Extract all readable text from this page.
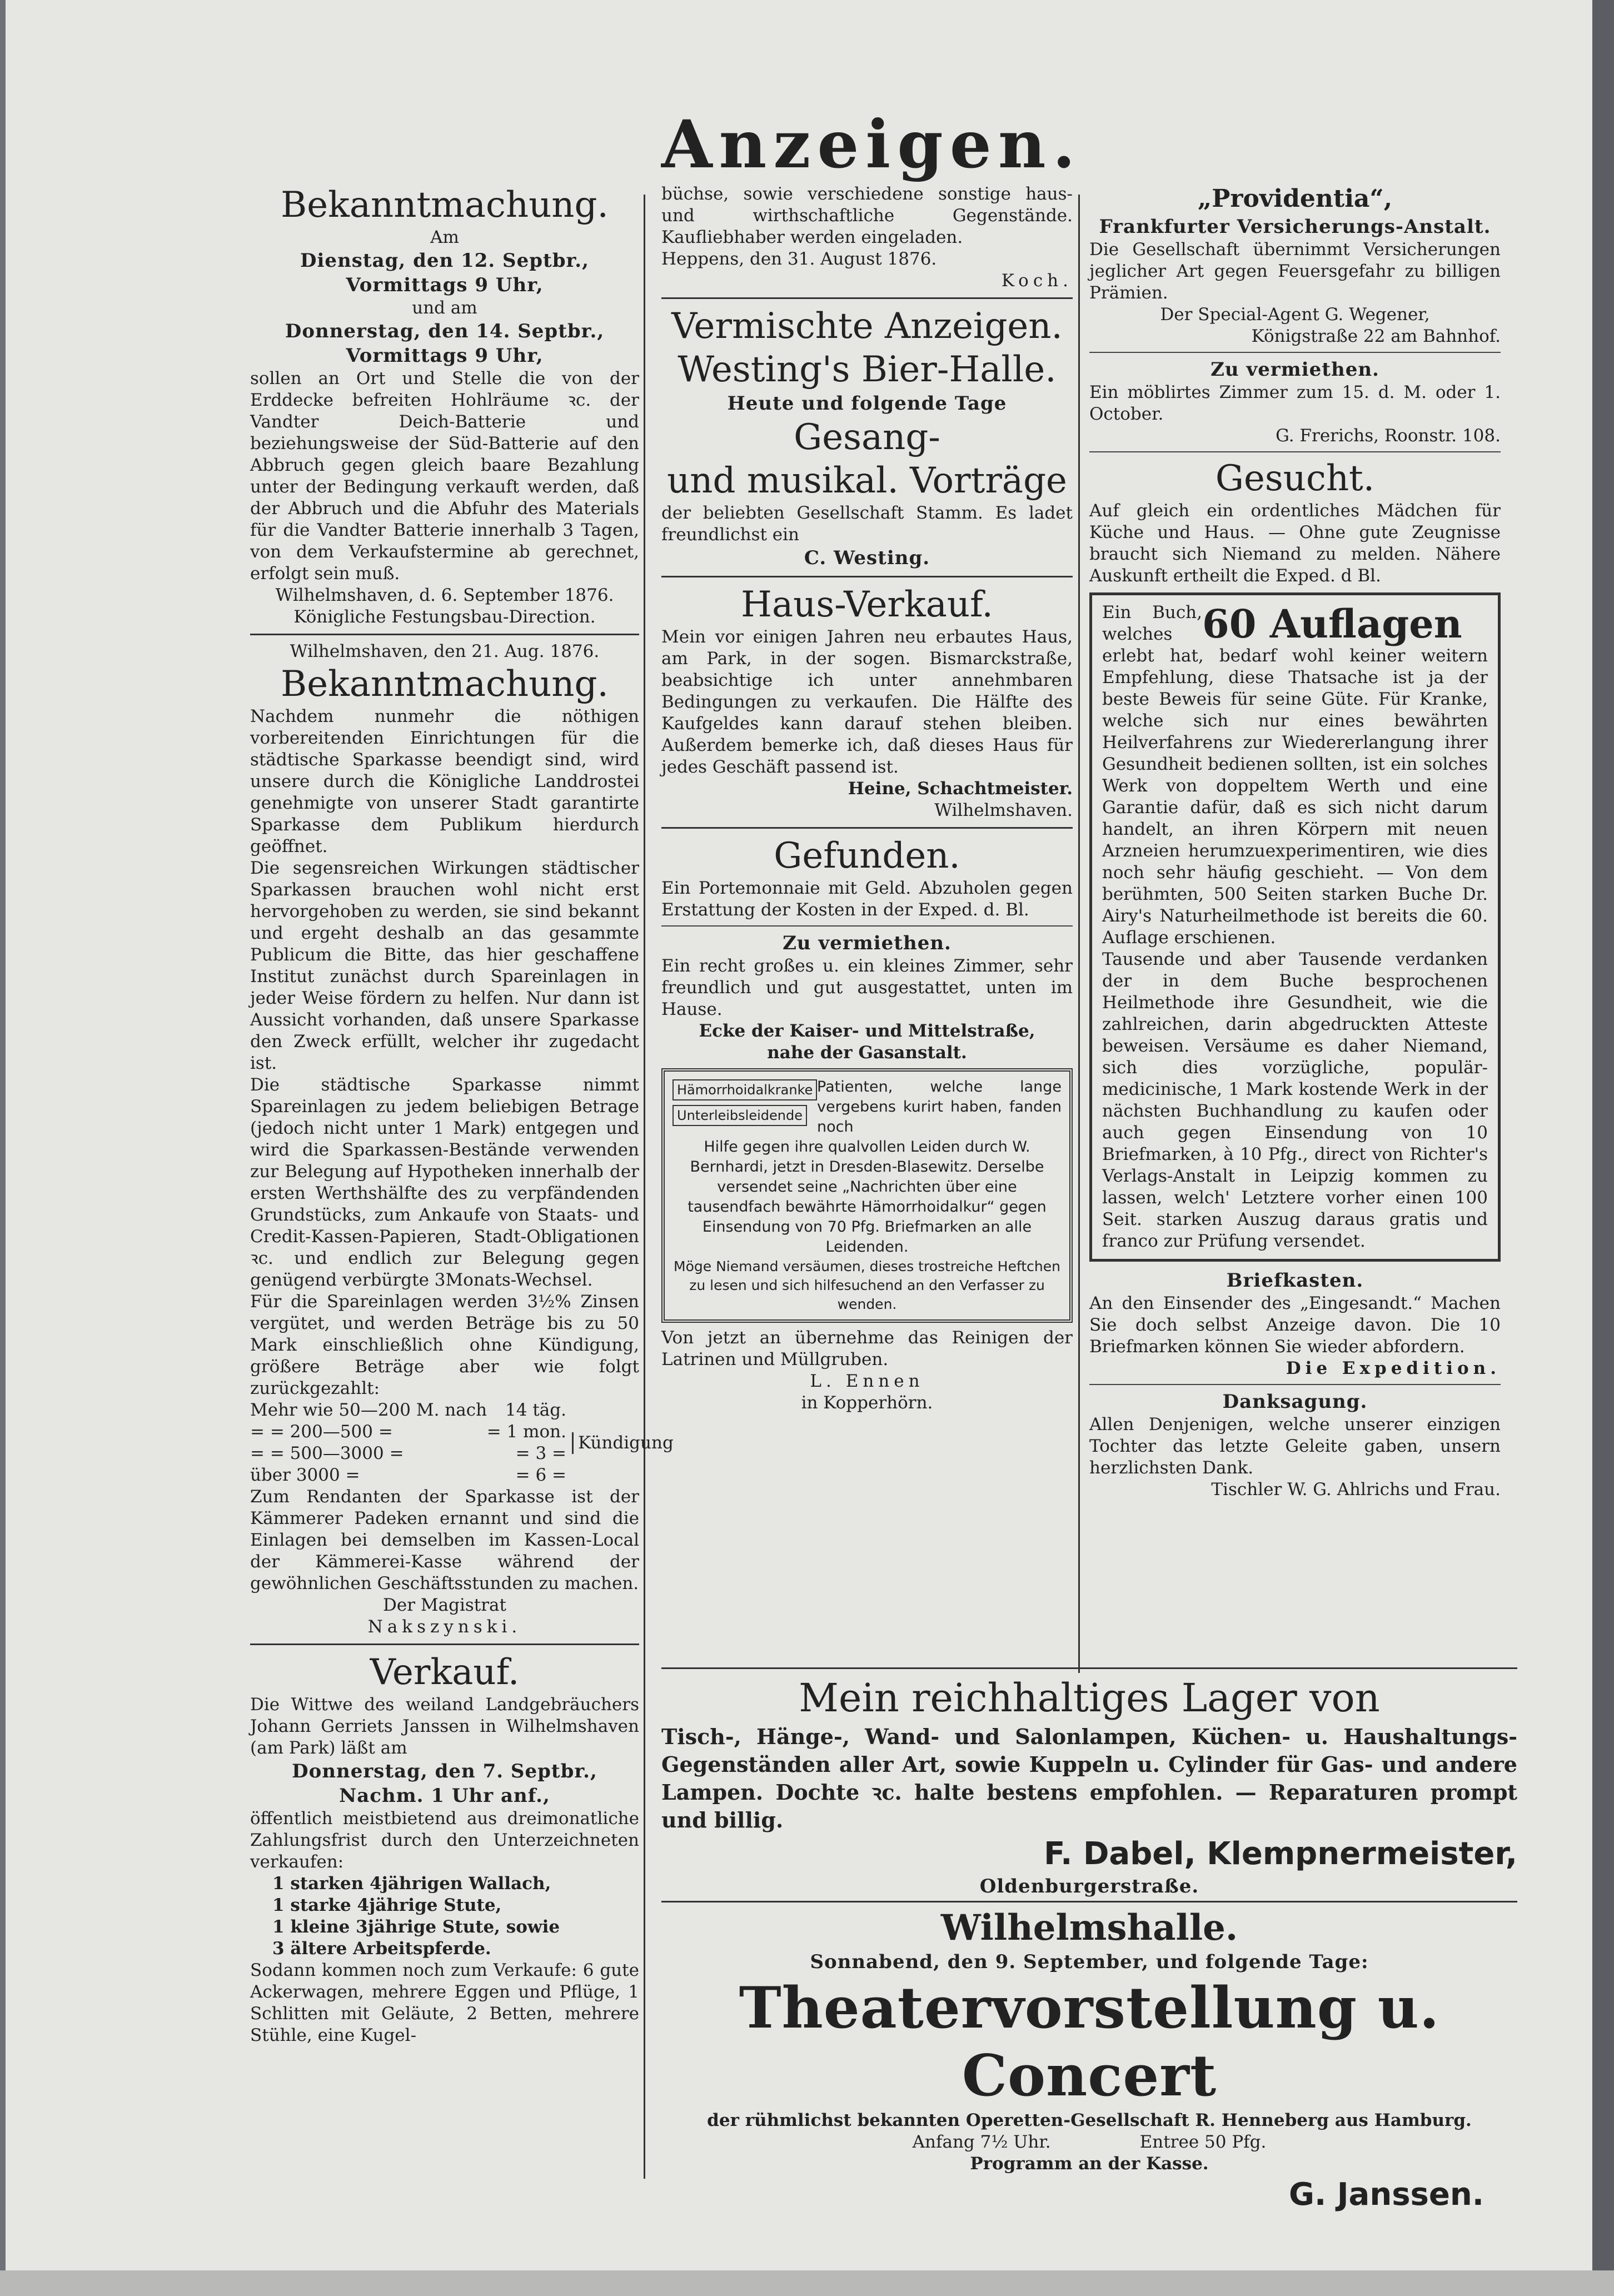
Anzeigen.
Bekanntmachung.

Am

Dienstag, den 12. Septbr.,

Vormittags 9 Uhr,

und am

Donnerstag, den 14. Septbr.,

Vormittags 9 Uhr,

sollen an Ort und Stelle die von der Erddecke befreiten Hohlräume ꝛc. der Vandter Deich-Batterie und beziehungsweise der Süd-Batterie auf den Abbruch gegen gleich baare Bezahlung unter der Bedingung verkauft werden, daß der Abbruch und die Abfuhr des Materials für die Vandter Batterie innerhalb 3 Tagen, von dem Verkaufstermine ab gerechnet, erfolgt sein muß.

Wilhelmshaven, d. 6. September 1876.

Königliche Festungsbau-Direction.

Wilhelmshaven, den 21. Aug. 1876.

Bekanntmachung.

Nachdem nunmehr die nöthigen vorbereitenden Einrichtungen für die städtische Sparkasse beendigt sind, wird unsere durch die Königliche Landdrostei genehmigte von unserer Stadt garantirte Sparkasse dem Publikum hierdurch geöffnet.

Die segensreichen Wirkungen städtischer Sparkassen brauchen wohl nicht erst hervorgehoben zu werden, sie sind bekannt und ergeht deshalb an das gesammte Publicum die Bitte, das hier geschaffene Institut zunächst durch Spareinlagen in jeder Weise fördern zu helfen. Nur dann ist Aussicht vorhanden, daß unsere Sparkasse den Zweck erfüllt, welcher ihr zugedacht ist.

Die städtische Sparkasse nimmt Spareinlagen zu jedem beliebigen Betrage (jedoch nicht unter 1 Mark) entgegen und wird die Sparkassen-Bestände verwenden zur Belegung auf Hypotheken innerhalb der ersten Werthshälfte des zu verpfändenden Grundstücks, zum Ankaufe von Staats- und Credit-Kassen-Papieren, Stadt-Obligationen ꝛc. und endlich zur Belegung gegen genügend verbürgte 3Monats-Wechsel.

Für die Spareinlagen werden 3½% Zinsen vergütet, und werden Beträge bis zu 50 Mark einschließlich ohne Kündigung, größere Beträge aber wie folgt zurückgezahlt:

Mehr wie 50—200 M. nach 14 täg.
= = 200—500 =	= 1 mon.
= = 500—3000 =	= 3 =
über 3000 =	= 6 =
Kündigung

Zum Rendanten der Sparkasse ist der Kämmerer Padeken ernannt und sind die Einlagen bei demselben im Kassen-Local der Kämmerei-Kasse während der gewöhnlichen Geschäftsstunden zu machen.

Der Magistrat

Nakszynski.

Verkauf.

Die Wittwe des weiland Landgebräuchers Johann Gerriets Janssen in Wilhelmshaven (am Park) läßt am

Donnerstag, den 7. Septbr.,

Nachm. 1 Uhr anf.,

öffentlich meistbietend aus dreimonatliche Zahlungsfrist durch den Unterzeichneten verkaufen:

1 starken 4jährigen Wallach,

1 starke 4jährige Stute,

1 kleine 3jährige Stute, sowie

3 ältere Arbeitspferde.

Sodann kommen noch zum Verkaufe: 6 gute Ackerwagen, mehrere Eggen und Pflüge, 1 Schlitten mit Geläute, 2 Betten, mehrere Stühle, eine Kugel-

büchse, sowie verschiedene sonstige haus- und wirthschaftliche Gegenstände. Kaufliebhaber werden eingeladen.

Heppens, den 31. August 1876.

Koch.

Vermischte Anzeigen.
Westing's Bier-Halle.

Heute und folgende Tage

Gesang-
und musikal. Vorträge

der beliebten Gesellschaft Stamm. Es ladet freundlichst ein

C. Westing.

Haus-Verkauf.

Mein vor einigen Jahren neu erbautes Haus, am Park, in der sogen. Bismarckstraße, beabsichtige ich unter annehmbaren Bedingungen zu verkaufen. Die Hälfte des Kaufgeldes kann darauf stehen bleiben. Außerdem bemerke ich, daß dieses Haus für jedes Geschäft passend ist.

Heine, Schachtmeister.

Wilhelmshaven.

Gefunden.

Ein Portemonnaie mit Geld. Abzuholen gegen Erstattung der Kosten in der Exped. d. Bl.

Zu vermiethen.

Ein recht großes u. ein kleines Zimmer, sehr freundlich und gut ausgestattet, unten im Hause.

Ecke der Kaiser- und Mittelstraße,

nahe der Gasanstalt.

Hämorrhoidalkranke
Unterleibsleidende

Patienten, welche lange vergebens kurirt haben, fanden noch

Hilfe gegen ihre qualvollen Leiden durch W. Bernhardi, jetzt in Dresden-Blasewitz. Derselbe versendet seine „Nachrichten über eine tausendfach bewährte Hämorrhoidalkur“ gegen Einsendung von 70 Pfg. Briefmarken an alle Leidenden.

Möge Niemand versäumen, dieses trostreiche Heftchen zu lesen und sich hilfesuchend an den Verfasser zu wenden.

Von jetzt an übernehme das Reinigen der Latrinen und Müllgruben.

L. Ennen

in Kopperhörn.

„Providentia“,

Frankfurter Versicherungs-Anstalt.

Die Gesellschaft übernimmt Versicherungen jeglicher Art gegen Feuersgefahr zu billigen Prämien.

Der Special-Agent G. Wegener,

Königstraße 22 am Bahnhof.

Zu vermiethen.

Ein möblirtes Zimmer zum 15. d. M. oder 1. October.

G. Frerichs, Roonstr. 108.

Gesucht.

Auf gleich ein ordentliches Mädchen für Küche und Haus. — Ohne gute Zeugnisse braucht sich Niemand zu melden. Nähere Auskunft ertheilt die Exped. d Bl.

Ein Buch, welches 60 Auflagen

erlebt hat, bedarf wohl keiner weitern Empfehlung, diese Thatsache ist ja der beste Beweis für seine Güte. Für Kranke, welche sich nur eines bewährten Heilverfahrens zur Wiedererlangung ihrer Gesundheit bedienen sollten, ist ein solches Werk von doppeltem Werth und eine Garantie dafür, daß es sich nicht darum handelt, an ihren Körpern mit neuen Arzneien herumzuexperimentiren, wie dies noch sehr häufig geschieht. — Von dem berühmten, 500 Seiten starken Buche Dr. Airy's Naturheilmethode ist bereits die 60. Auflage erschienen.

Tausende und aber Tausende verdanken der in dem Buche besprochenen Heilmethode ihre Gesundheit, wie die zahlreichen, darin abgedruckten Atteste beweisen. Versäume es daher Niemand, sich dies vorzügliche, populär-medicinische, 1 Mark kostende Werk in der nächsten Buchhandlung zu kaufen oder auch gegen Einsendung von 10 Briefmarken, à 10 Pfg., direct von Richter's Verlags-Anstalt in Leipzig kommen zu lassen, welch' Letztere vorher einen 100 Seit. starken Auszug daraus gratis und franco zur Prüfung versendet.

Briefkasten.

An den Einsender des „Eingesandt.“ Machen Sie doch selbst Anzeige davon. Die 10 Briefmarken können Sie wieder abfordern.

Die Expedition.

Danksagung.

Allen Denjenigen, welche unserer einzigen Tochter das letzte Geleite gaben, unsern herzlichsten Dank.

Tischler W. G. Ahlrichs und Frau.

Mein reichhaltiges Lager von

Tisch-, Hänge-, Wand- und Salonlampen, Küchen- u. Haushaltungs-Gegenständen aller Art, sowie Kuppeln u. Cylinder für Gas- und andere Lampen. Dochte ꝛc. halte bestens empfohlen. — Reparaturen prompt und billig.

F. Dabel, Klempnermeister,

Oldenburgerstraße.

Wilhelmshalle.

Sonnabend, den 9. September, und folgende Tage:

Theatervorstellung u. Concert

der rühmlichst bekannten Operetten-Gesellschaft R. Henneberg aus Hamburg.

Anfang 7½ Uhr.	Entree 50 Pfg.

Programm an der Kasse.

G. Janssen.
